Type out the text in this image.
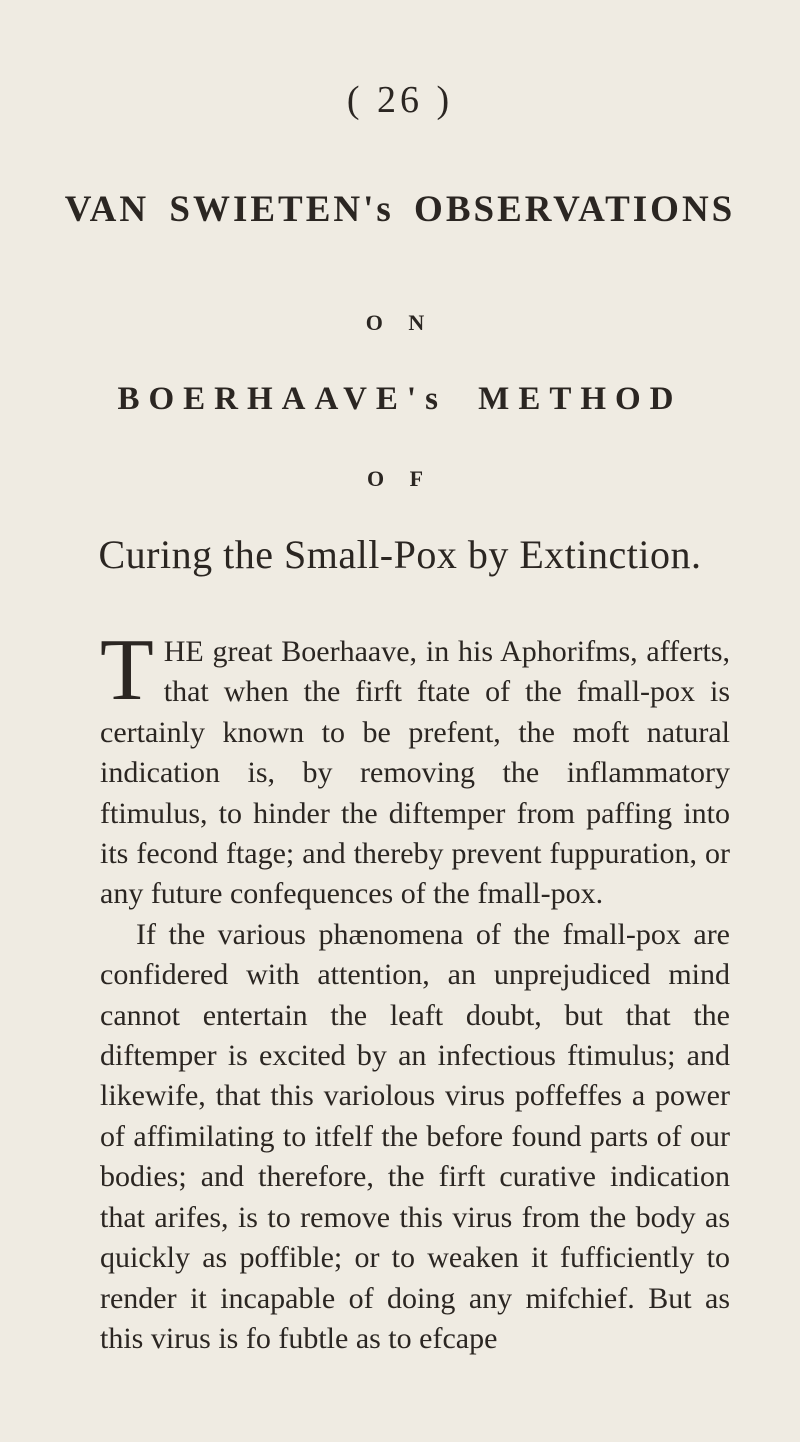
( 26 )
VAN SWIETEN's OBSERVATIONS
O N
BOERHAAVE's METHOD
O F
Curing the Small-Pox by Extinction.

THE great Boerhaave, in his Aphorifms, afferts, that when the firft ftate of the fmall-pox is certainly known to be prefent, the moft natural indication is, by removing the inflammatory ftimulus, to hinder the diftemper from paffing into its fecond ftage; and thereby prevent fuppuration, or any future confequences of the fmall-pox.

If the various phænomena of the fmall-pox are confidered with attention, an unprejudiced mind cannot entertain the leaft doubt, but that the diftemper is excited by an infectious ftimulus; and likewife, that this variolous virus poffeffes a power of affimilating to itfelf the before found parts of our bodies; and therefore, the firft curative indication that arifes, is to remove this virus from the body as quickly as poffible; or to weaken it fufficiently to render it incapable of doing any mifchief. But as this virus is fo fubtle as to efcape
